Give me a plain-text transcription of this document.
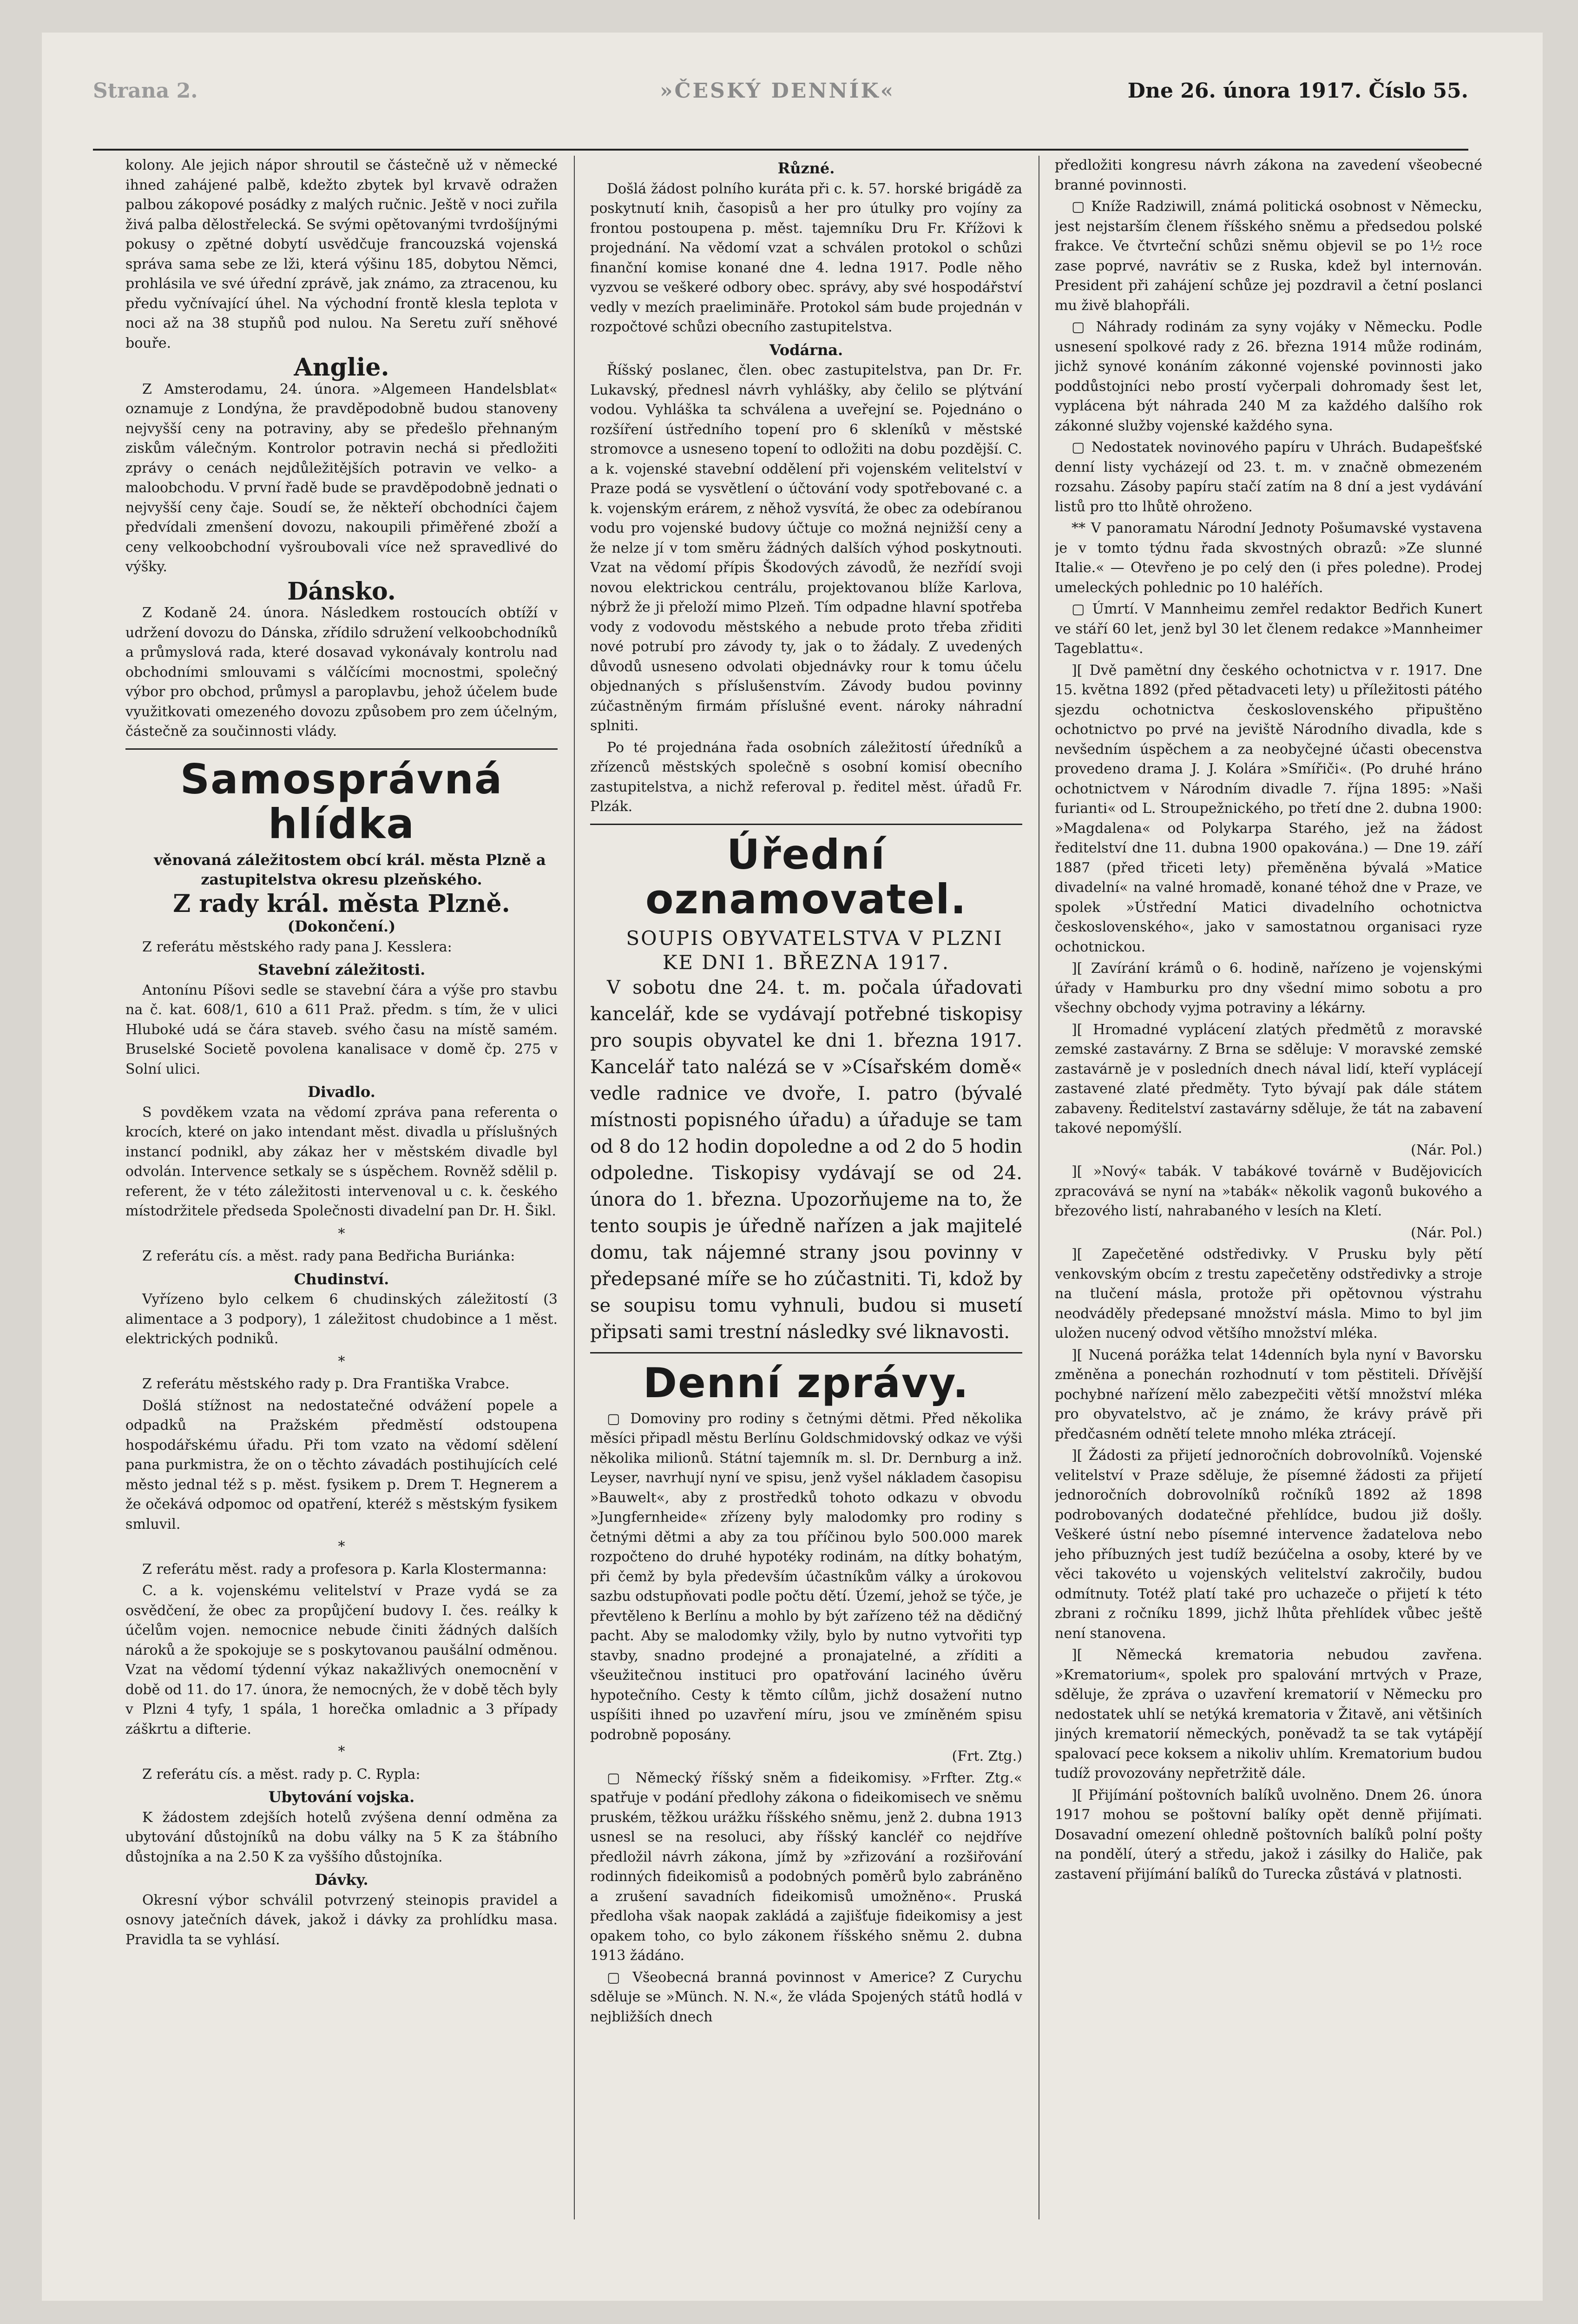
Strana 2.	»ČESKÝ DENNÍK«	Dne 26. února 1917. Číslo 55.

kolony. Ale jejich nápor shroutil se částečně už v německé ihned zahájené palbě, kdežto zbytek byl krvavě odražen palbou zákopové posádky z malých ručnic. Ještě v noci zuřila živá palba dělostřelecká. Se svými opětovanými tvrdošíjnými pokusy o zpětné dobytí usvědčuje francouzská vojenská správa sama sebe ze lži, která výšinu 185, dobytou Němci, prohlásila ve své úřední zprávě, jak známo, za ztracenou, ku předu vyčnívající úhel. Na východní frontě klesla teplota v noci až na 38 stupňů pod nulou. Na Seretu zuří sněhové bouře.

Anglie.

Z Amsterodamu, 24. února. »Algemeen Handelsblat« oznamuje z Londýna, že pravděpodobně budou stanoveny nejvyšší ceny na potraviny, aby se předešlo přehnaným ziskům válečným. Kontrolor potravin nechá si předložiti zprávy o cenách nejdůležitějších potravin ve velko- a maloobchodu. V první řadě bude se pravděpodobně jednati o nejvyšší ceny čaje. Soudí se, že někteří obchodníci čajem předvídali zmenšení dovozu, nakoupili přiměřené zboží a ceny velkoobchodní vyšroubovali více než spravedlivé do výšky.

Dánsko.

Z Kodaně 24. února. Následkem rostoucích obtíží v udržení dovozu do Dánska, zřídilo sdružení velkoobchodníků a průmyslová rada, které dosavad vykonávaly kontrolu nad obchodními smlouvami s válčícími mocnostmi, společný výbor pro obchod, průmysl a paroplavbu, jehož účelem bude využitkovati omezeného dovozu způsobem pro zem účelným, částečně za součinnosti vlády.

Samosprávná hlídka

věnovaná záležitostem obcí král. města Plzně a zastupitelstva okresu plzeňského.

Z rady král. města Plzně.
(Dokončení.)

Z referátu městského rady pana J. Kesslera:

Stavební záležitosti.

Antonínu Píšovi sedle se stavební čára a výše pro stavbu na č. kat. 608/1, 610 a 611 Praž. předm. s tím, že v ulici Hluboké udá se čára staveb. svého času na místě samém. Bruselské Societě povolena kanalisace v domě čp. 275 v Solní ulici.

Divadlo.

S povděkem vzata na vědomí zpráva pana referenta o krocích, které on jako intendant měst. divadla u příslušných instancí podnikl, aby zákaz her v městském divadle byl odvolán. Intervence setkaly se s úspěchem. Rovněž sdělil p. referent, že v této záležitosti intervenoval u c. k. českého místodržitele předseda Společnosti divadelní pan Dr. H. Šikl.

*

Z referátu cís. a měst. rady pana Bedřicha Buriánka:

Chudinství.

Vyřízeno bylo celkem 6 chudinských záležitostí (3 alimentace a 3 podpory), 1 záležitost chudobince a 1 měst. elektrických podniků.

*

Z referátu městského rady p. Dra Františka Vrabce.

Došlá stížnost na nedostatečné odvážení popele a odpadků na Pražském předměstí odstoupena hospodářskému úřadu. Při tom vzato na vědomí sdělení pana purkmistra, že on o těchto závadách postihujících celé město jednal též s p. měst. fysikem p. Drem T. Hegnerem a že očekává odpomoc od opatření, kteréž s městským fysikem smluvil.

*

Z referátu měst. rady a profesora p. Karla Klostermanna:

C. a k. vojenskému velitelství v Praze vydá se za osvědčení, že obec za propůjčení budovy I. čes. reálky k účelům vojen. nemocnice nebude činiti žádných dalších nároků a že spokojuje se s poskytovanou paušální odměnou. Vzat na vědomí týdenní výkaz nakažlivých onemocnění v době od 11. do 17. února, že nemocných, že v době těch byly v Plzni 4 tyfy, 1 spála, 1 horečka omladnic a 3 případy záškrtu a difterie.

*

Z referátu cís. a měst. rady p. C. Rypla:

Ubytování vojska.

K žádostem zdejších hotelů zvýšena denní odměna za ubytování důstojníků na dobu války na 5 K za štábního důstojníka a na 2.50 K za vyššího důstojníka.

Dávky.

Okresní výbor schválil potvrzený steinopis pravidel a osnovy jatečních dávek, jakož i dávky za prohlídku masa. Pravidla ta se vyhlásí.

Různé.

Došlá žádost polního kuráta při c. k. 57. horské brigádě za poskytnutí knih, časopisů a her pro útulky pro vojíny za frontou postoupena p. měst. tajemníku Dru Fr. Křížovi k projednání. Na vědomí vzat a schválen protokol o schůzi finanční komise konané dne 4. ledna 1917. Podle něho vyzvou se veškeré odbory obec. správy, aby své hospodářství vedly v mezích praeliminăře. Protokol sám bude projednán v rozpočtové schůzi obecního zastupitelstva.

Vodárna.

Říšský poslanec, člen. obec zastupitelstva, pan Dr. Fr. Lukavský, přednesl návrh vyhlášky, aby čelilo se plýtvání vodou. Vyhláška ta schválena a uveřejní se. Pojednáno o rozšíření ústředního topení pro 6 skleníků v městské stromovce a usneseno topení to odložiti na dobu pozdější. C. a k. vojenské stavební oddělení při vojenském velitelství v Praze podá se vysvětlení o účtování vody spotřebované c. a k. vojenským erárem, z něhož vysvítá, že obec za odebíranou vodu pro vojenské budovy účtuje co možná nejnižší ceny a že nelze jí v tom směru žádných dalších výhod poskytnouti. Vzat na vědomí přípis Škodových závodů, že nezřídí svoji novou elektrickou centrálu, projektovanou blíže Karlova, nýbrž že ji přeloží mimo Plzeň. Tím odpadne hlavní spotřeba vody z vodovodu městského a nebude proto třeba zřiditi nové potrubí pro závody ty, jak o to žádaly. Z uvedených důvodů usneseno odvolati objednávky rour k tomu účelu objednaných s příslušenstvím. Závody budou povinny zúčastněným firmám příslušné event. nároky náhradní splniti.

Po té projednána řada osobních záležitostí úředníků a zřízenců městských společně s osobní komisí obecního zastupitelstva, a nichž referoval p. ředitel měst. úřadů Fr. Plzák.

Úřední oznamovatel.

SOUPIS OBYVATELSTVA V PLZNI KE DNI 1. BŘEZNA 1917.

V sobotu dne 24. t. m. počala úřadovati kancelář, kde se vydávají potřebné tiskopisy pro soupis obyvatel ke dni 1. března 1917. Kancelář tato nalézá se v »Císařském domě« vedle radnice ve dvoře, I. patro (bývalé místnosti popisného úřadu) a úřaduje se tam od 8 do 12 hodin dopoledne a od 2 do 5 hodin odpoledne. Tiskopisy vydávají se od 24. února do 1. března. Upozorňujeme na to, že tento soupis je úředně nařízen a jak majitelé domu, tak nájemné strany jsou povinny v předepsané míře se ho zúčastniti. Ti, kdož by se soupisu tomu vyhnuli, budou si musetí připsati sami trestní následky své liknavosti.

Denní zprávy.

▢ Domoviny pro rodiny s četnými dětmi. Před několika měsíci připadl městu Berlínu Goldschmidovský odkaz ve výši několika milionů. Státní tajemník m. sl. Dr. Dernburg a inž. Leyser, navrhují nyní ve spisu, jenž vyšel nákladem časopisu »Bauwelt«, aby z prostředků tohoto odkazu v obvodu »Jungfernheide« zřízeny byly malodomky pro rodiny s četnými dětmi a aby za tou příčinou bylo 500.000 marek rozpočteno do druhé hypotéky rodinám, na dítky bohatým, při čemž by byla především účastníkům války a úrokovou sazbu odstupňovati podle počtu dětí. Území, jehož se týče, je převtěleno k Berlínu a mohlo by být zařízeno též na dědičný pacht. Aby se malodomky vžily, bylo by nutno vytvořiti typ stavby, snadno prodejné a pronajatelné, a zříditi a všeužitečnou instituci pro opatřování laciného úvěru hypotečního. Cesty k těmto cílům, jichž dosažení nutno uspíšiti ihned po uzavření míru, jsou ve zmíněném spisu podrobně poposány.

(Frt. Ztg.)

▢ Německý říšský sněm a fideikomisy. »Frfter. Ztg.« spatřuje v podání předlohy zákona o fideikomisech ve sněmu pruském, těžkou urážku říšského sněmu, jenž 2. dubna 1913 usnesl se na resoluci, aby říšský kancléř co nejdříve předložil návrh zákona, jímž by »zřizování a rozšiřování rodinných fideikomisů a podobných poměrů bylo zabráněno a zrušení savadních fideikomisů umožněno«. Pruská předloha však naopak zakládá a zajišťuje fideikomisy a jest opakem toho, co bylo zákonem říšského sněmu 2. dubna 1913 žádáno.

▢ Všeobecná branná povinnost v Americe? Z Curychu sděluje se »Münch. N. N.«, že vláda Spojených států hodlá v nejbližších dnech

předložiti kongresu návrh zákona na zavedení všeobecné branné povinnosti.

▢ Kníže Radziwill, známá politická osobnost v Německu, jest nejstarším členem říšského sněmu a předsedou polské frakce. Ve čtvrteční schůzi sněmu objevil se po 1½ roce zase poprvé, navrátiv se z Ruska, kdež byl internován. President při zahájení schůze jej pozdravil a četní poslanci mu živě blahopřáli.

▢ Náhrady rodinám za syny vojáky v Německu. Podle usnesení spolkové rady z 26. března 1914 může rodinám, jichž synové konáním zákonné vojenské povinnosti jako poddůstojníci nebo prostí vyčerpali dohromady šest let, vyplácena být náhrada 240 M za každého dalšího rok zákonné služby vojenské každého syna.

▢ Nedostatek novinového papíru v Uhrách. Budapešťské denní listy vycházejí od 23. t. m. v značně obmezeném rozsahu. Zásoby papíru stačí zatím na 8 dní a jest vydávání listů pro tto lhůtě ohroženo.

** V panoramatu Národní Jednoty Pošumavské vystavena je v tomto týdnu řada skvostných obrazů: »Ze slunné Italie.« — Otevřeno je po celý den (i přes poledne). Prodej umeleckých pohlednic po 10 haléřích.

▢ Úmrtí. V Mannheimu zemřel redaktor Bedřich Kunert ve stáří 60 let, jenž byl 30 let členem redakce »Mannheimer Tageblattu«.

][ Dvě pamětní dny českého ochotnictva v r. 1917. Dne 15. května 1892 (před pětadvaceti lety) u příležitosti pátého sjezdu ochotnictva československého připuštěno ochotnictvo po prvé na jeviště Národního divadla, kde s nevšedním úspěchem a za neobyčejné účasti obecenstva provedeno drama J. J. Kolára »Smířiči«. (Po druhé hráno ochotnictvem v Národním divadle 7. října 1895: »Naši furianti« od L. Stroupežnického, po třetí dne 2. dubna 1900: »Magdalena« od Polykarpa Starého, jež na žádost ředitelství dne 11. dubna 1900 opakována.) — Dne 19. září 1887 (před třiceti lety) přeměněna bývalá »Matice divadelní« na valné hromadě, konané téhož dne v Praze, ve spolek »Ústřední Matici divadelního ochotnictva československého«, jako v samostatnou organisaci ryze ochotnickou.

][ Zavírání krámů o 6. hodině, nařízeno je vojenskými úřady v Hamburku pro dny všední mimo sobotu a pro všechny obchody vyjma potraviny a lékárny.

][ Hromadné vyplácení zlatých předmětů z moravské zemské zastavárny. Z Brna se sděluje: V moravské zemské zastavárně je v posledních dnech nával lidí, kteří vyplácejí zastavené zlaté předměty. Tyto bývají pak dále státem zabaveny. Ředitelství zastavárny sděluje, že tát na zabavení takové nepomýšlí.

(Nár. Pol.)

][ »Nový« tabák. V tabákové továrně v Budějovicích zpracovává se nyní na »tabák« několik vagonů bukového a březového listí, nahrabaného v lesích na Kletí.

(Nár. Pol.)

][ Zapečetěné odstředivky. V Prusku byly pětí venkovským obcím z trestu zapečetěny odstředivky a stroje na tlučení másla, protože při opětovnou výstrahu neodváděly předepsané množství másla. Mimo to byl jim uložen nucený odvod většího množství mléka.

][ Nucená porážka telat 14denních byla nyní v Bavorsku změněna a ponechán rozhodnutí v tom pěstiteli. Dřívější pochybné nařízení mělo zabezpečiti větší množství mléka pro obyvatelstvo, ač je známo, že krávy právě při předčasném odnětí telete mnoho mléka ztrácejí.

][ Žádosti za přijetí jednoročních dobrovolníků. Vojenské velitelství v Praze sděluje, že písemné žádosti za přijetí jednoročních dobrovolníků ročníků 1892 až 1898 podrobovaných dodatečné přehlídce, budou již došly. Veškeré ústní nebo písemné intervence žadatelova nebo jeho příbuzných jest tudíž bezúčelna a osoby, které by ve věci takovéto u vojenských velitelství zakročily, budou odmítnuty. Totéž platí také pro uchazeče o přijetí k této zbrani z ročníku 1899, jichž lhůta přehlídek vůbec ještě není stanovena.

][ Německá krematoria nebudou zavřena. »Krematorium«, spolek pro spalování mrtvých v Praze, sděluje, že zpráva o uzavření krematorií v Německu pro nedostatek uhlí se netýká krematoria v Žitavě, ani většiních jiných krematorií německých, poněvadž ta se tak vytápějí spalovací pece koksem a nikoliv uhlím. Krematorium budou tudíž provozovány nepřetržitě dále.

][ Přijímání poštovních balíků uvolněno. Dnem 26. února 1917 mohou se poštovní balíky opět denně přijímati. Dosavadní omezení ohledně poštovních balíků polní pošty na pondělí, úterý a středu, jakož i zásilky do Haliče, pak zastavení přijímání balíků do Turecka zůstává v platnosti.
